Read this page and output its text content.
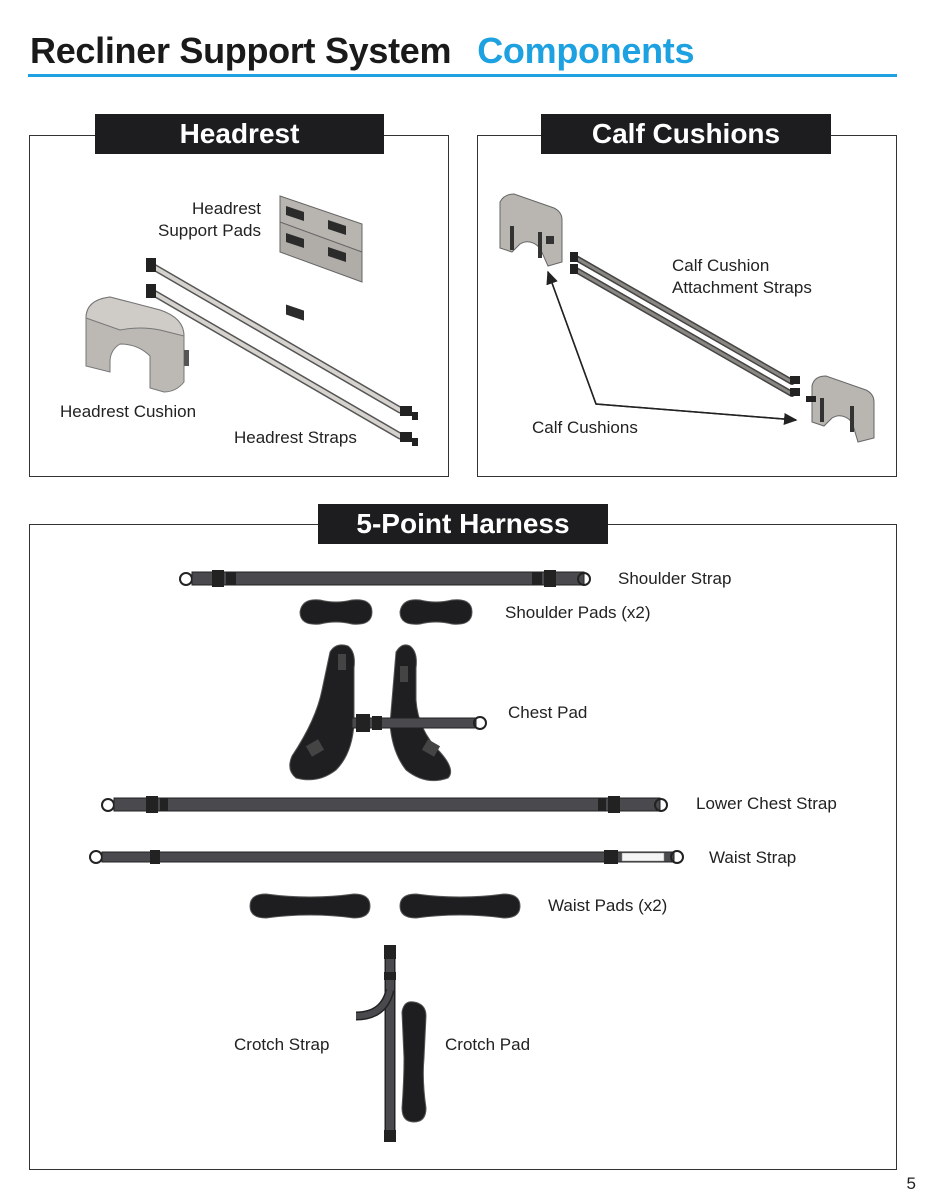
Recliner Support System Components
Headrest	Calf Cushions
5-Point Harness
Headrest
Support Pads
Headrest Cushion
Headrest Straps
Calf Cushion
Attachment Straps
Calf Cushions
Shoulder Strap
Shoulder Pads (x2)
Chest Pad
Lower Chest Strap
Waist Strap
Waist Pads (x2)
Crotch Strap	Crotch Pad
5
